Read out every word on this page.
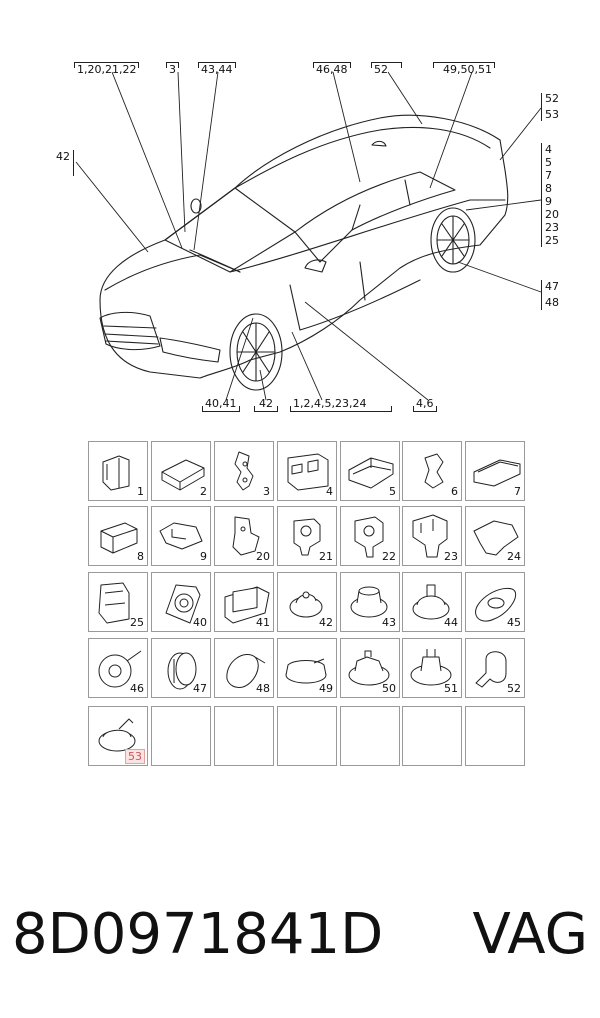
1,20,21,22	3 43,44	46,48 52	49,50,51
42
52
53
4
5
7
8
9
20
23
25
47
48
40,41	42	1,2,4,5,23,24	4,6
1	2	3	4	5	6	7
8	9	20	21	22	23	24
25	40	41	42	43	44	45
46	47	48	49	50	51	52
53
8D0971841D VAG
